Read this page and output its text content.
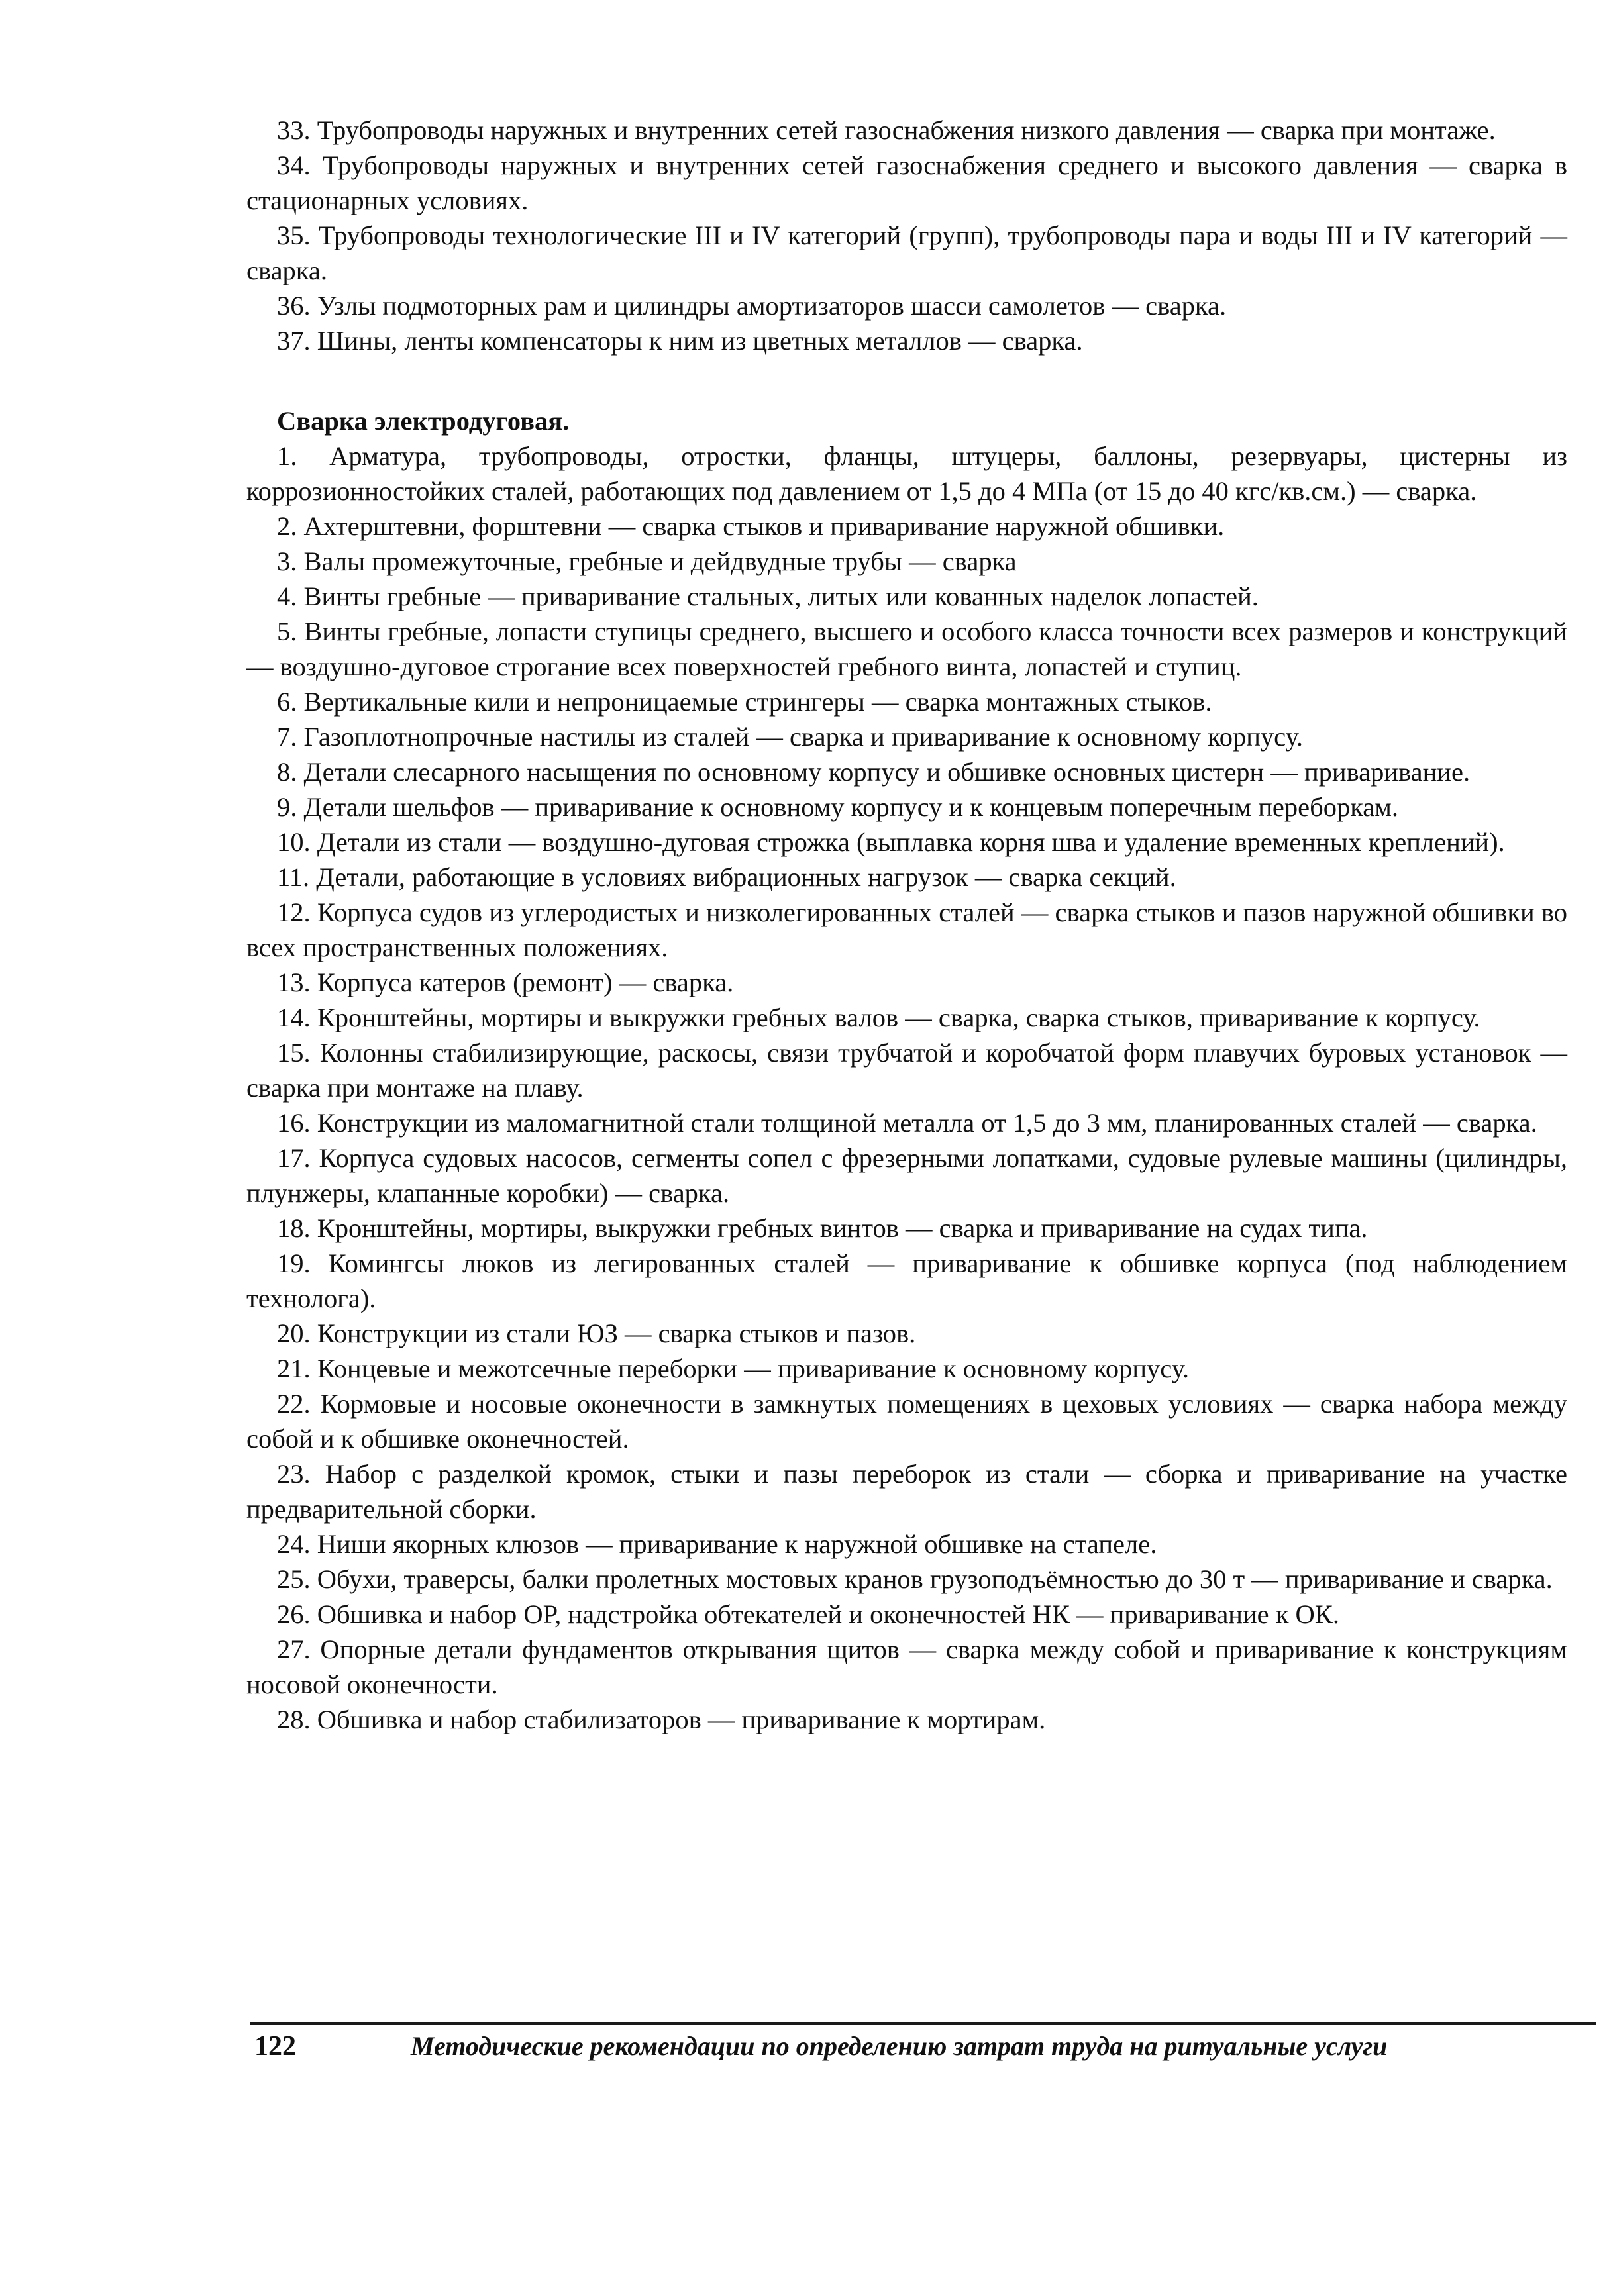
33. Трубопроводы наружных и внутренних сетей газоснабжения низкого давления — сварка при монтаже.

34. Трубопроводы наружных и внутренних сетей газоснабжения среднего и высокого давления — сварка в стационарных условиях.

35. Трубопроводы технологические III и IV категорий (групп), трубопроводы пара и воды III и IV категорий — сварка.

36. Узлы подмоторных рам и цилиндры амортизаторов шасси самолетов — сварка.

37. Шины, ленты компенсаторы к ним из цветных металлов — сварка.

Сварка электродуговая.

1. Арматура, трубопроводы, отростки, фланцы, штуцеры, баллоны, резервуары, цистерны из коррозионностойких сталей, работающих под давлением от 1,5 до 4 МПа (от 15 до 40 кгс/кв.см.) — сварка.

2. Ахтерштевни, форштевни — сварка стыков и приваривание наружной обшивки.

3. Валы промежуточные, гребные и дейдвудные трубы — сварка

4. Винты гребные — приваривание стальных, литых или кованных наделок лопастей.

5. Винты гребные, лопасти ступицы среднего, высшего и особого класса точности всех размеров и конструкций — воздушно-дуговое строгание всех поверхностей гребного винта, лопастей и ступиц.

6. Вертикальные кили и непроницаемые стрингеры — сварка монтажных стыков.

7. Газоплотнопрочные настилы из сталей — сварка и приваривание к основному корпусу.

8. Детали слесарного насыщения по основному корпусу и обшивке основных цистерн — приваривание.

9. Детали шельфов — приваривание к основному корпусу и к концевым поперечным переборкам.

10. Детали из стали — воздушно-дуговая строжка (выплавка корня шва и удаление временных креплений).

11. Детали, работающие в условиях вибрационных нагрузок — сварка секций.

12. Корпуса судов из углеродистых и низколегированных сталей — сварка стыков и пазов наружной обшивки во всех пространственных положениях.

13. Корпуса катеров (ремонт) — сварка.

14. Кронштейны, мортиры и выкружки гребных валов — сварка, сварка стыков, приваривание к корпусу.

15. Колонны стабилизирующие, раскосы, связи трубчатой и коробчатой форм плавучих буровых установок — сварка при монтаже на плаву.

16. Конструкции из маломагнитной стали толщиной металла от 1,5 до 3 мм, планированных сталей — сварка.

17. Корпуса судовых насосов, сегменты сопел с фрезерными лопатками, судовые рулевые машины (цилиндры, плунжеры, клапанные коробки) — сварка.

18. Кронштейны, мортиры, выкружки гребных винтов — сварка и приваривание на судах типа.

19. Комингсы люков из легированных сталей — приваривание к обшивке корпуса (под наблюдением технолога).

20. Конструкции из стали ЮЗ — сварка стыков и пазов.

21. Концевые и межотсечные переборки — приваривание к основному корпусу.

22. Кормовые и носовые оконечности в замкнутых помещениях в цеховых условиях — сварка набора между собой и к обшивке оконечностей.

23. Набор с разделкой кромок, стыки и пазы переборок из стали — сборка и приваривание на участке предварительной сборки.

24. Ниши якорных клюзов — приваривание к наружной обшивке на стапеле.

25. Обухи, траверсы, балки пролетных мостовых кранов грузоподъёмностью до 30 т — приваривание и сварка.

26. Обшивка и набор ОР, надстройка обтекателей и оконечностей НК — приваривание к ОК.

27. Опорные детали фундаментов открывания щитов — сварка между собой и приваривание к конструкциям носовой оконечности.

28. Обшивка и набор стабилизаторов — приваривание к мортирам.

122	Методические рекомендации по определению затрат труда на ритуальные услуги
